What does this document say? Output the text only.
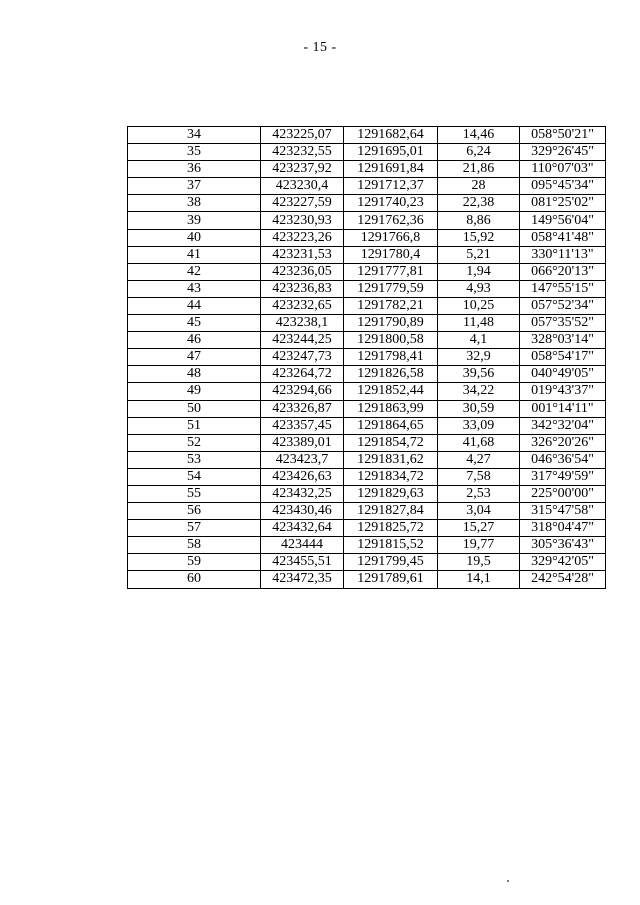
- 15 -
34	423225,07	1291682,64	14,46	058°50'21"
35	423232,55	1291695,01	6,24	329°26'45"
36	423237,92	1291691,84	21,86	110°07'03"
37	423230,4	1291712,37	28	095°45'34"
38	423227,59	1291740,23	22,38	081°25'02"
39	423230,93	1291762,36	8,86	149°56'04"
40	423223,26	1291766,8	15,92	058°41'48"
41	423231,53	1291780,4	5,21	330°11'13"
42	423236,05	1291777,81	1,94	066°20'13"
43	423236,83	1291779,59	4,93	147°55'15"
44	423232,65	1291782,21	10,25	057°52'34"
45	423238,1	1291790,89	11,48	057°35'52"
46	423244,25	1291800,58	4,1	328°03'14"
47	423247,73	1291798,41	32,9	058°54'17"
48	423264,72	1291826,58	39,56	040°49'05"
49	423294,66	1291852,44	34,22	019°43'37"
50	423326,87	1291863,99	30,59	001°14'11"
51	423357,45	1291864,65	33,09	342°32'04"
52	423389,01	1291854,72	41,68	326°20'26"
53	423423,7	1291831,62	4,27	046°36'54"
54	423426,63	1291834,72	7,58	317°49'59"
55	423432,25	1291829,63	2,53	225°00'00"
56	423430,46	1291827,84	3,04	315°47'58"
57	423432,64	1291825,72	15,27	318°04'47"
58	423444	1291815,52	19,77	305°36'43"
59	423455,51	1291799,45	19,5	329°42'05"
60	423472,35	1291789,61	14,1	242°54'28"
